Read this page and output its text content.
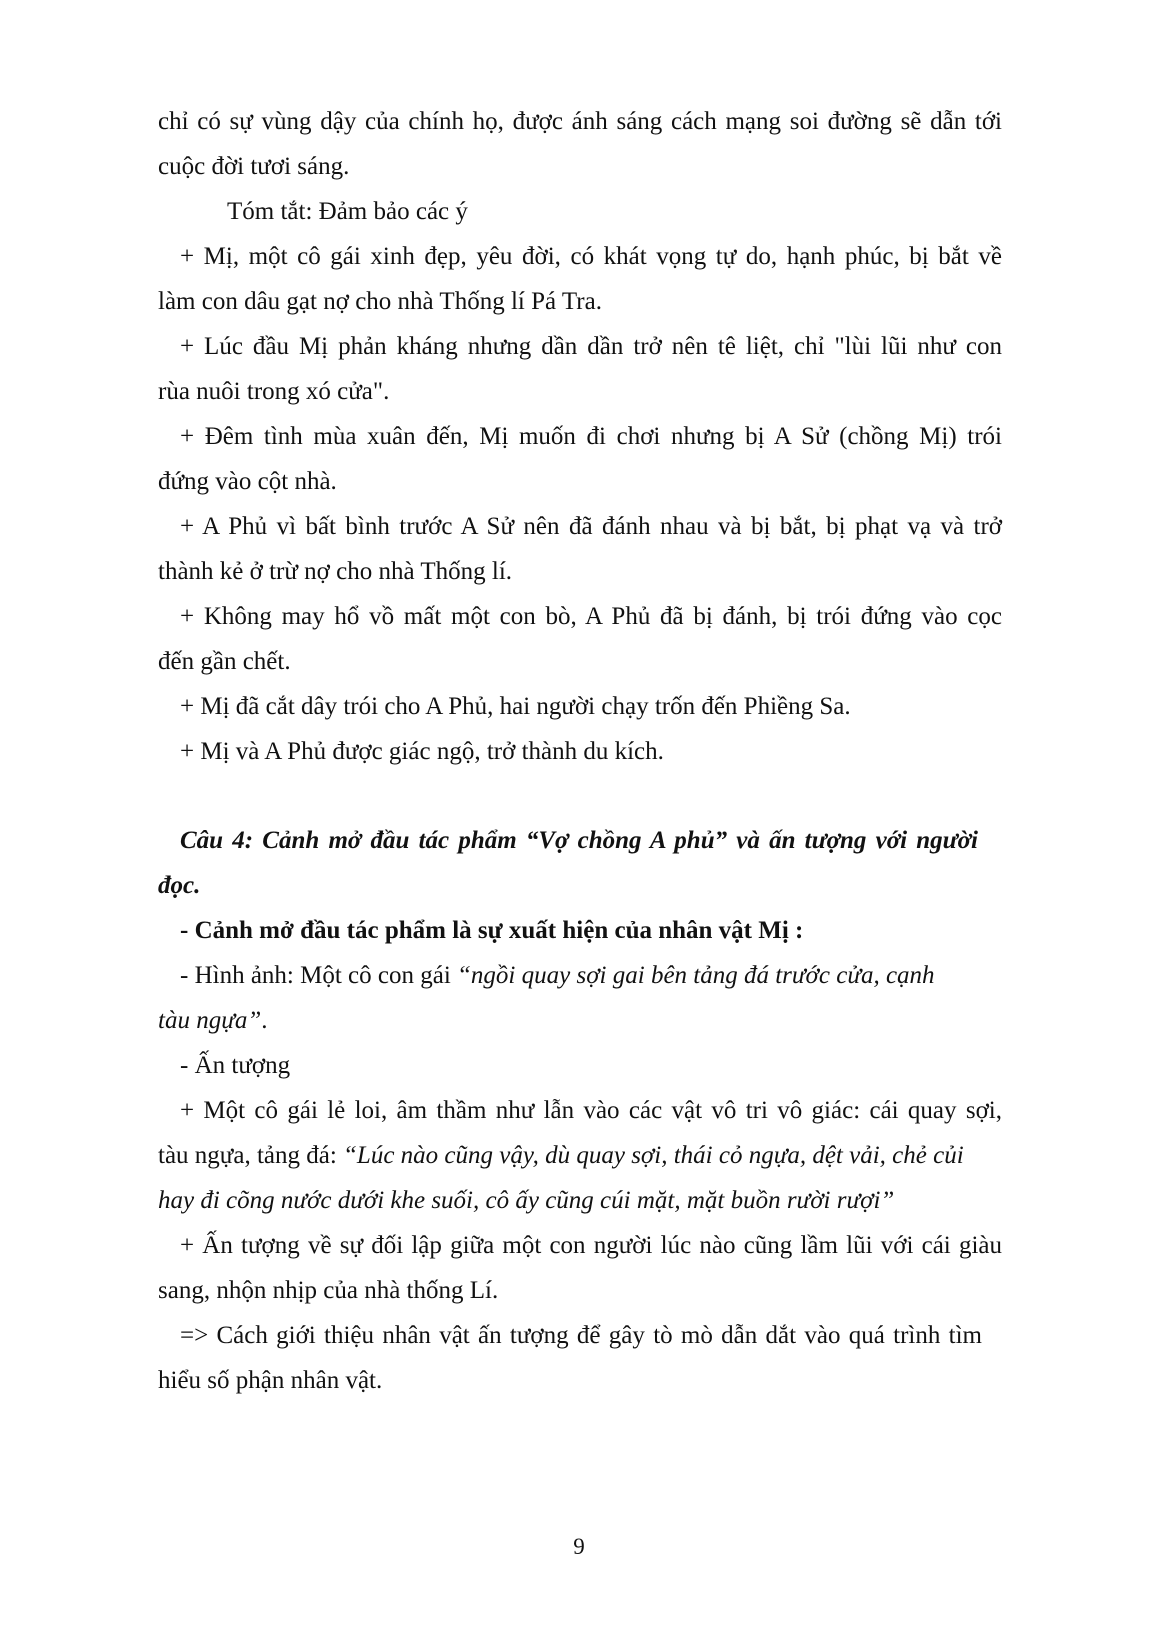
chỉ có sự vùng dậy của chính họ, được ánh sáng cách mạng soi đường sẽ dẫn tới
cuộc đời tươi sáng.
Tóm tắt: Đảm bảo các ý
+ Mị, một cô gái xinh đẹp, yêu đời, có khát vọng tự do, hạnh phúc, bị bắt về
làm con dâu gạt nợ cho nhà Thống lí Pá Tra.
+ Lúc đầu Mị phản kháng nhưng dần dần trở nên tê liệt, chỉ "lùi lũi như con
rùa nuôi trong xó cửa".
+ Đêm tình mùa xuân đến, Mị muốn đi chơi nhưng bị A Sử (chồng Mị) trói
đứng vào cột nhà.
+ A Phủ vì bất bình trước A Sử nên đã đánh nhau và bị bắt, bị phạt vạ và trở
thành kẻ ở trừ nợ cho nhà Thống lí.
+ Không may hổ vồ mất một con bò, A Phủ đã bị đánh, bị trói đứng vào cọc
đến gần chết.
+ Mị đã cắt dây trói cho A Phủ, hai người chạy trốn đến Phiềng Sa.
+ Mị và A Phủ được giác ngộ, trở thành du kích.
Câu 4: Cảnh mở đầu tác phẩm “Vợ chồng A phủ” và ấn tượng với người
đọc.
- Cảnh mở đầu tác phẩm là sự xuất hiện của nhân vật Mị :
- Hình ảnh: Một cô con gái “ngồi quay sợi gai bên tảng đá trước cửa, cạnh
tàu ngựa”.
- Ấn tượng
+ Một cô gái lẻ loi, âm thầm như lẫn vào các vật vô tri vô giác: cái quay sợi,
tàu ngựa, tảng đá: “Lúc nào cũng vậy, dù quay sợi, thái cỏ ngựa, dệt vải, chẻ củi
hay đi cõng nước dưới khe suối, cô ấy cũng cúi mặt, mặt buồn rười rượi”
+ Ấn tượng về sự đối lập giữa một con người lúc nào cũng lầm lũi với cái giàu
sang, nhộn nhịp của nhà thống Lí.
=> Cách giới thiệu nhân vật ấn tượng để gây tò mò dẫn dắt vào quá trình tìm
hiểu số phận nhân vật.
9
